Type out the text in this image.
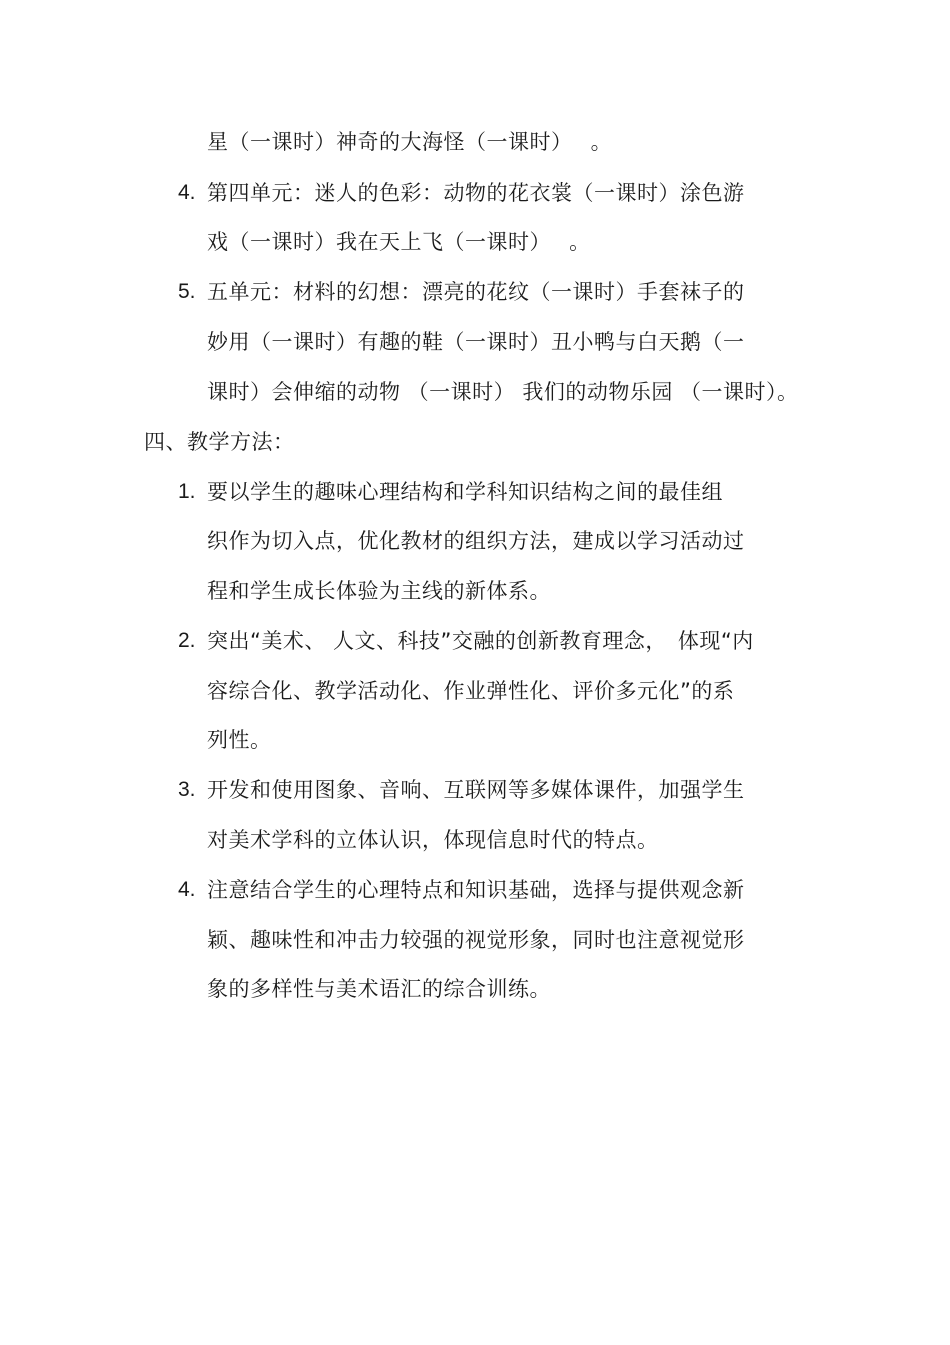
星（一课时）神奇的大海怪（一课时）　 。
4. 第四单元：迷人的色彩：动物的花衣裳（一课时）涂色游
戏（一课时）我在天上飞（一课时）　 。
5. 五单元：材料的幻想：漂亮的花纹（一课时）手套袜子的
妙用（一课时）有趣的鞋（一课时）丑小鸭与白天鹅（一
课时）会伸缩的动物 （一课时） 我们的动物乐园 （一课时）。
四、教学方法：
1. 要以学生的趣味心理结构和学科知识结构之间的最佳组
织作为切入点，优化教材的组织方法，建成以学习活动过
程和学生成长体验为主线的新体系。
2. 突出“美术、 人文、科技”交融的创新教育理念，　体现“内
容综合化、教学活动化、作业弹性化、评价多元化”的系
列性。
3. 开发和使用图象、音响、互联网等多媒体课件，加强学生
对美术学科的立体认识，体现信息时代的特点。
4. 注意结合学生的心理特点和知识基础，选择与提供观念新
颖、趣味性和冲击力较强的视觉形象，同时也注意视觉形
象的多样性与美术语汇的综合训练。
